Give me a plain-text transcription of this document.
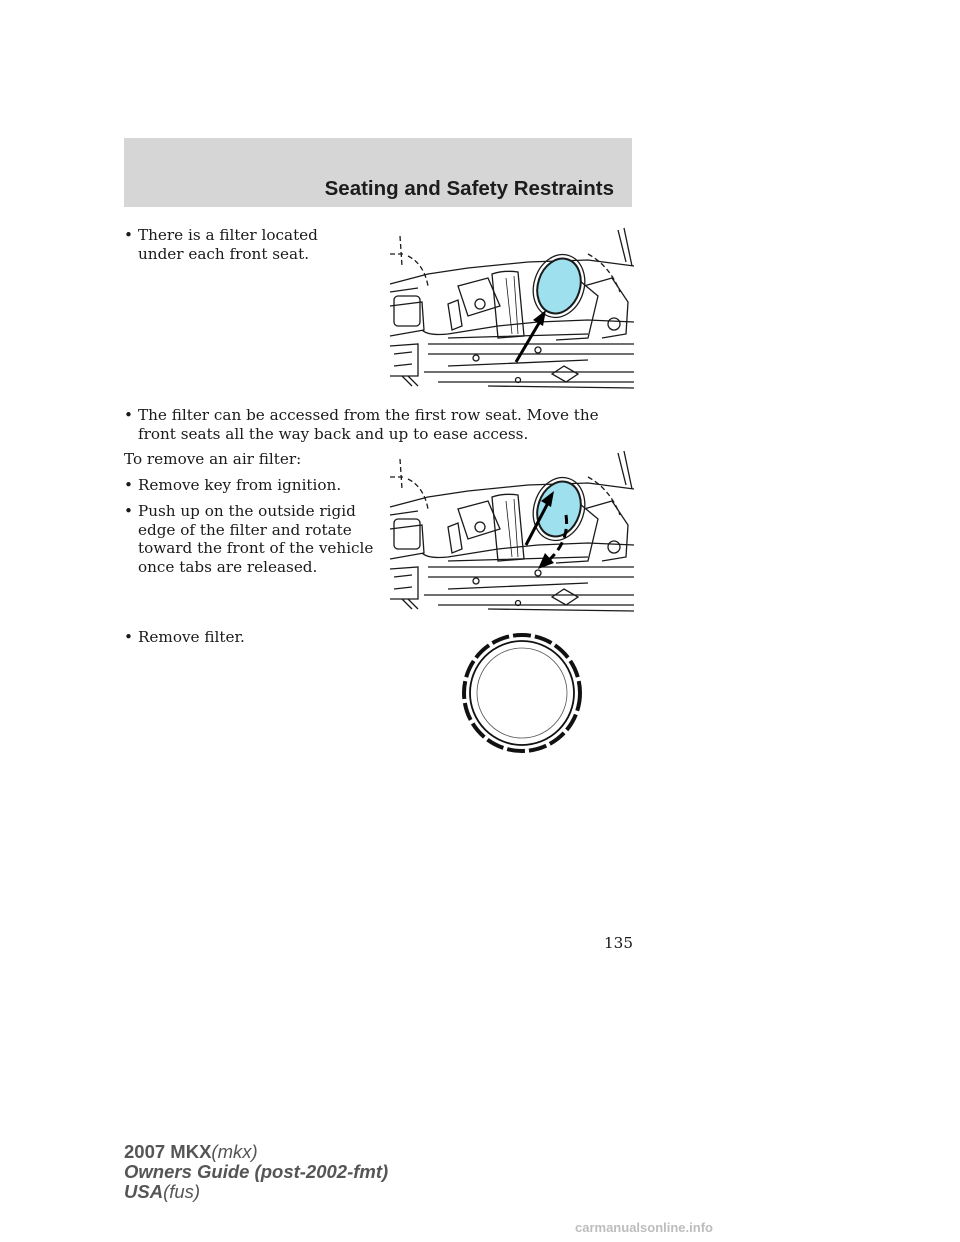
Seating and Safety Restraints
• There is a filter located under each front seat.
• The filter can be accessed from the first row seat. Move the front seats all the way back and up to ease access.
To remove an air filter:
• Remove key from ignition.
• Push up on the outside rigid edge of the filter and rotate toward the front of the vehicle once tabs are released.
• Remove filter.
135
2007 MKX(mkx)
Owners Guide (post-2002-fmt)
USA(fus)
carmanualsonline.info
